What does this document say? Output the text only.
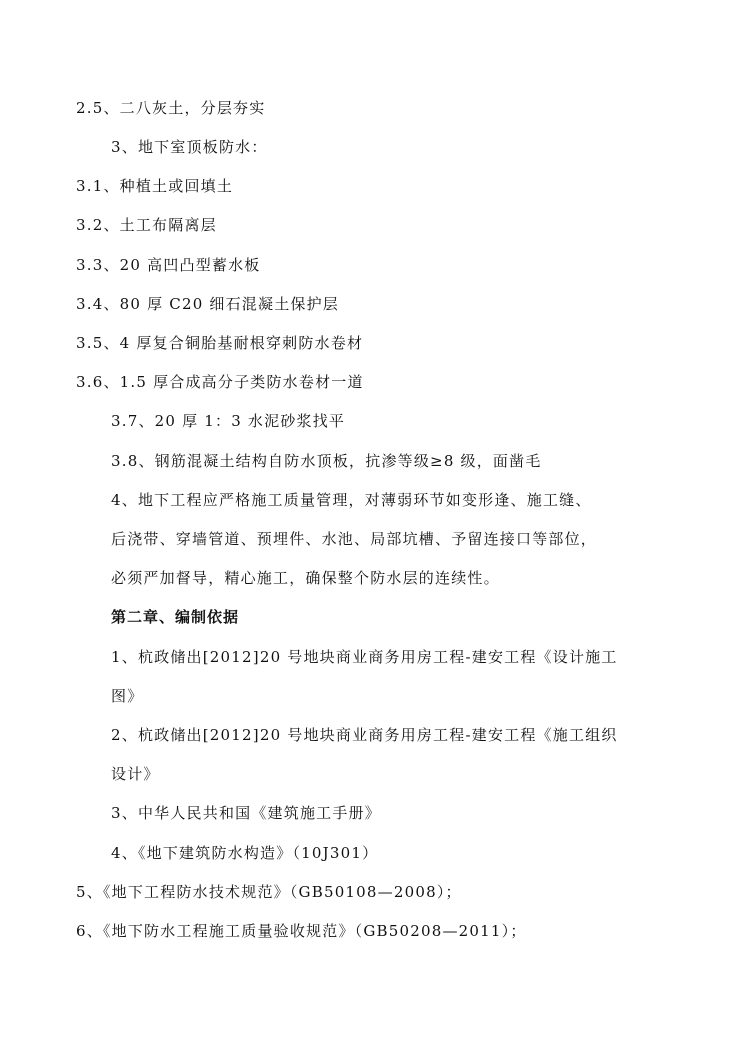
2.5、二八灰土，分层夯实
3、地下室顶板防水：
3.1、种植土或回填土
3.2、土工布隔离层
3.3、20 高凹凸型蓄水板
3.4、80 厚 C20 细石混凝土保护层
3.5、4 厚复合铜胎基耐根穿刺防水卷材
3.6、1.5 厚合成高分子类防水卷材一道
3.7、20 厚 1：3 水泥砂浆找平
3.8、钢筋混凝土结构自防水顶板，抗渗等级≥8 级，面凿毛
4、地下工程应严格施工质量管理，对薄弱环节如变形逢、施工缝、
后浇带、穿墙管道、预埋件、水池、局部坑槽、予留连接口等部位，
必须严加督导，精心施工，确保整个防水层的连续性。
第二章、编制依据
1、杭政储出[2012]20 号地块商业商务用房工程-建安工程《设计施工
图》
2、杭政储出[2012]20 号地块商业商务用房工程-建安工程《施工组织
设计》
3、中华人民共和国《建筑施工手册》
4、《地下建筑防水构造》（10J301）
5、《地下工程防水技术规范》（GB50108—2008）；
6、《地下防水工程施工质量验收规范》（GB50208—2011）；
